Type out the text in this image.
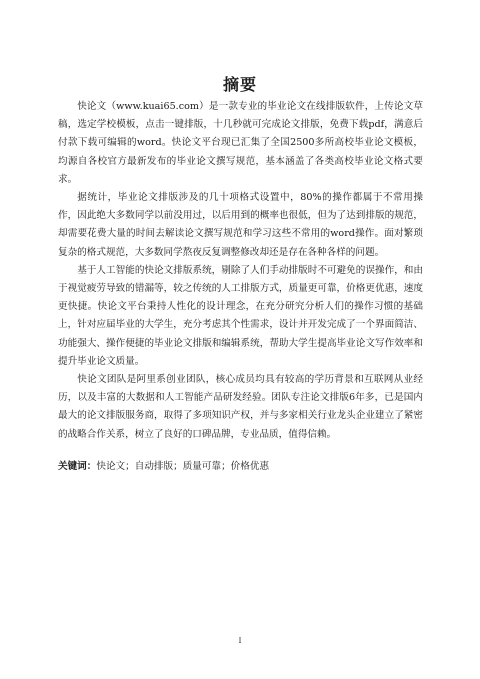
摘要

快论文（www.kuai65.com）是一款专业的毕业论文在线排版软件，上传论文草稿，选定学校模板，点击一键排版，十几秒就可完成论文排版，免费下载pdf，满意后付款下载可编辑的word。快论文平台现已汇集了全国2500多所高校毕业论文模板，均源自各校官方最新发布的毕业论文撰写规范，基本涵盖了各类高校毕业论文格式要求。

据统计，毕业论文排版涉及的几十项格式设置中，80%的操作都属于不常用操作，因此绝大多数同学以前没用过，以后用到的概率也很低，但为了达到排版的规范，却需要花费大量的时间去解读论文撰写规范和学习这些不常用的word操作。面对繁琐复杂的格式规范，大多数同学熬夜反复调整修改却还是存在各种各样的问题。

基于人工智能的快论文排版系统，剔除了人们手动排版时不可避免的误操作，和由于视觉疲劳导致的错漏等，较之传统的人工排版方式，质量更可靠，价格更优惠，速度更快捷。快论文平台秉持人性化的设计理念，在充分研究分析人们的操作习惯的基础上，针对应届毕业的大学生，充分考虑其个性需求，设计并开发完成了一个界面简洁、功能强大、操作便捷的毕业论文排版和编辑系统，帮助大学生提高毕业论文写作效率和提升毕业论文质量。

快论文团队是阿里系创业团队，核心成员均具有较高的学历背景和互联网从业经历，以及丰富的大数据和人工智能产品研发经验。团队专注论文排版6年多，已是国内最大的论文排版服务商，取得了多项知识产权，并与多家相关行业龙头企业建立了紧密的战略合作关系，树立了良好的口碑品牌，专业品质，值得信赖。

关键词：快论文；自动排版；质量可靠；价格优惠

I
